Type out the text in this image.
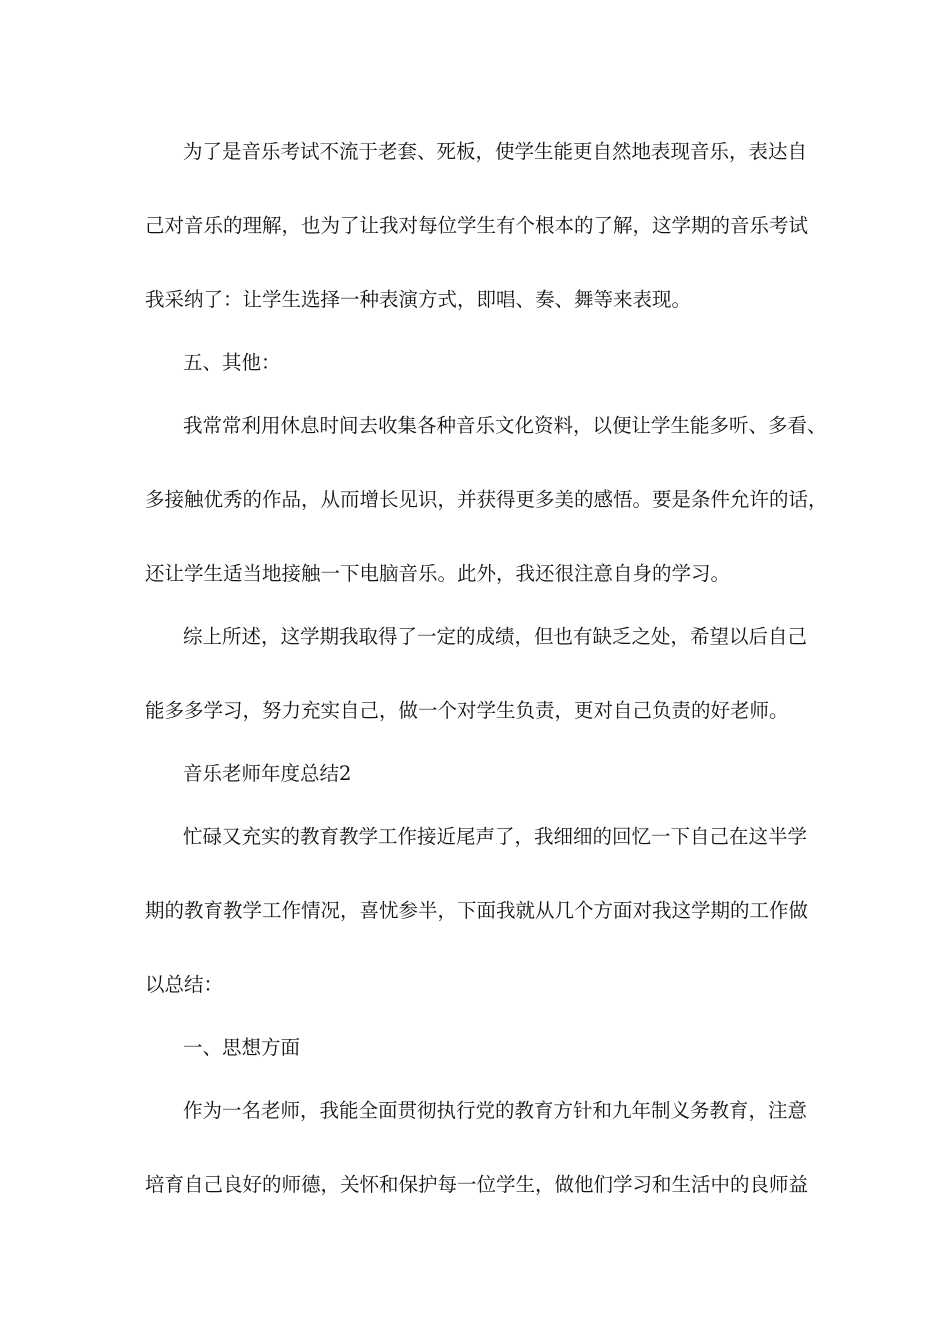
为了是音乐考试不流于老套、死板，使学生能更自然地表现音乐，表达自
己对音乐的理解，也为了让我对每位学生有个根本的了解，这学期的音乐考试
我采纳了：让学生选择一种表演方式，即唱、奏、舞等来表现。
五、其他：
我常常利用休息时间去收集各种音乐文化资料，以便让学生能多听、多看、
多接触优秀的作品，从而增长见识，并获得更多美的感悟。要是条件允许的话，
还让学生适当地接触一下电脑音乐。此外，我还很注意自身的学习。
综上所述，这学期我取得了一定的成绩，但也有缺乏之处，希望以后自己
能多多学习，努力充实自己，做一个对学生负责，更对自己负责的好老师。
音乐老师年度总结2
忙碌又充实的教育教学工作接近尾声了，我细细的回忆一下自己在这半学
期的教育教学工作情况，喜忧参半，下面我就从几个方面对我这学期的工作做
以总结：
一、思想方面
作为一名老师，我能全面贯彻执行党的教育方针和九年制义务教育，注意
培育自己良好的师德，关怀和保护每一位学生，做他们学习和生活中的良师益
